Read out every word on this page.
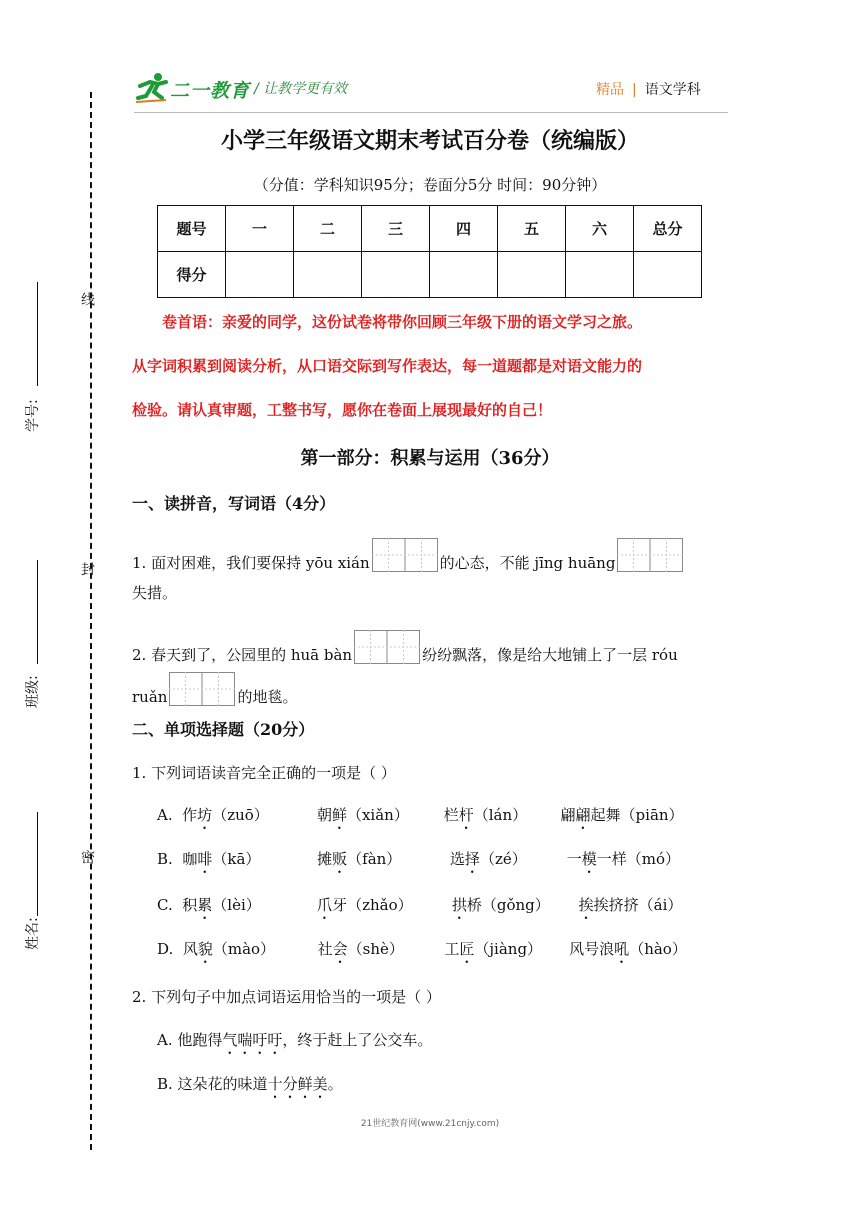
二一教育 / 让教学更有效	精品 | 语文学科
线
封
密
学号:
班级:
姓名:
小学三年级语文期末考试百分卷（统编版）
（分值：学科知识95分；卷面分5分 时间：90分钟）
题号	一	二	三	四	五	六	总分
得分							
卷首语：亲爱的同学，这份试卷将带你回顾三年级下册的语文学习之旅。
从字词积累到阅读分析，从口语交际到写作表达，每一道题都是对语文能力的
检验。请认真审题，工整书写，愿你在卷面上展现最好的自己！
第一部分：积累与运用（36分）
一、读拼音，写词语（4分）
1. 面对困难，我们要保持 yōu xián	的心态，不能 jīng huāng
失措。
2. 春天到了，公园里的 huā bàn	纷纷飘落，像是给大地铺上了一层 róu
ruǎn	的地毯。
二、单项选择题（20分）
1. 下列词语读音完全正确的一项是（ ）
A. 作坊（zuō）	朝鲜（xiǎn） 栏杆（lán） 翩翩起舞（piān）
B. 咖啡（kā）	摊贩（fàn）	选择（zé）	一模一样（mó）
C. 积累（lèi）	爪牙（zhǎo）	拱桥（gǒng） 挨挨挤挤（ái）
D. 风貌（mào）	社会（shè）	工匠（jiàng） 风号浪吼（hào）
2. 下列句子中加点词语运用恰当的一项是（ ）
A. 他跑得气喘吁吁，终于赶上了公交车。
B. 这朵花的味道十分鲜美。
21世纪教育网(www.21cnjy.com)
